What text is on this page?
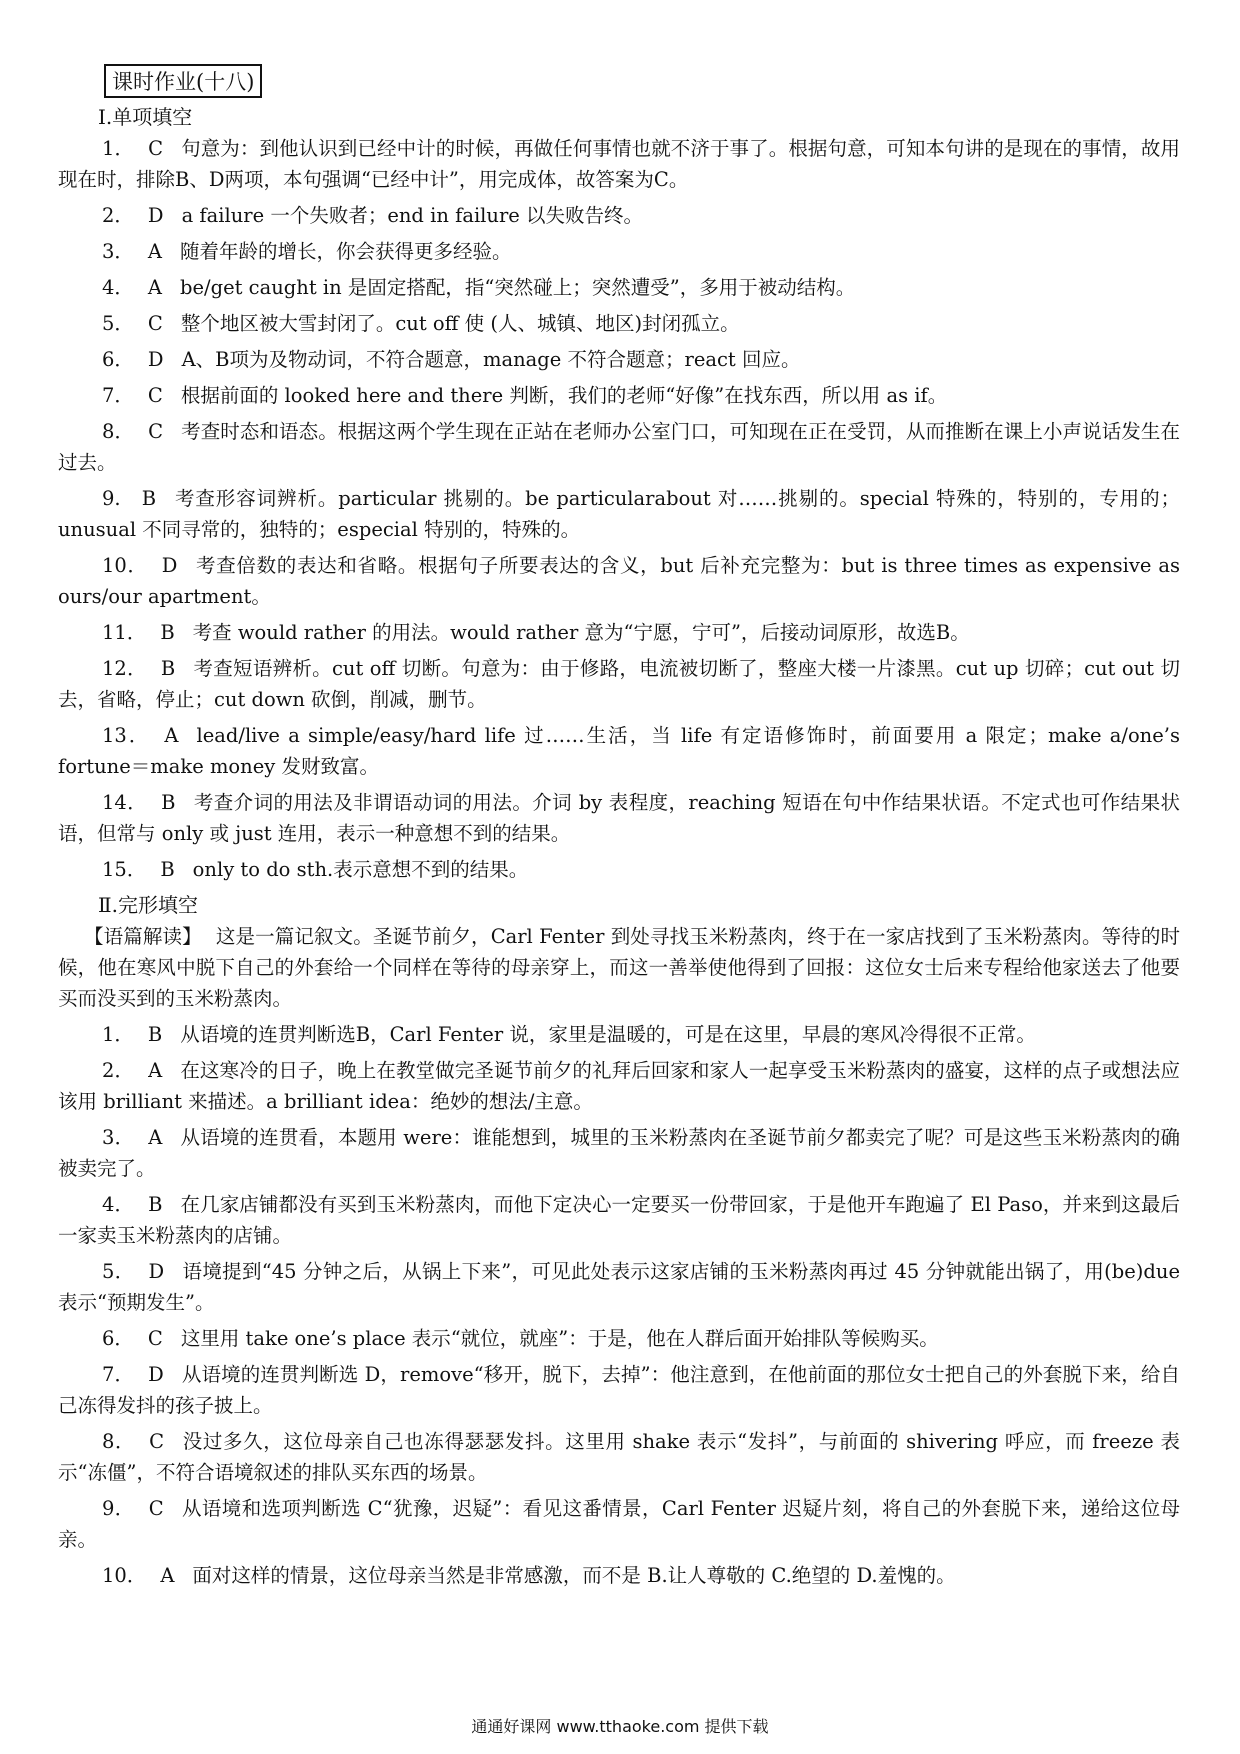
课时作业(十八)
Ⅰ.单项填空

1． C 句意为：到他认识到已经中计的时候，再做任何事情也就不济于事了。根据句意，可知本句讲的是现在的事情，故用现在时，排除B、D两项，本句强调“已经中计”，用完成体，故答案为C。

2． D a failure 一个失败者；end in failure 以失败告终。

3． A 随着年龄的增长，你会获得更多经验。

4． A be/get caught in 是固定搭配，指“突然碰上；突然遭受”，多用于被动结构。

5． C 整个地区被大雪封闭了。cut off 使 (人、城镇、地区)封闭孤立。

6． D A、B项为及物动词，不符合题意，manage 不符合题意；react 回应。

7． C 根据前面的 looked here and there 判断，我们的老师“好像”在找东西，所以用 as if。

8． C 考查时态和语态。根据这两个学生现在正站在老师办公室门口，可知现在正在受罚，从而推断在课上小声说话发生在过去。

9. B 考查形容词辨析。particular 挑剔的。be particularabout 对……挑剔的。special 特殊的，特别的，专用的；unusual 不同寻常的，独特的；especial 特别的，特殊的。

10． D 考查倍数的表达和省略。根据句子所要表达的含义，but 后补充完整为：but is three times as expensive as ours/our apartment。

11． B 考查 would rather 的用法。would rather 意为“宁愿，宁可”，后接动词原形，故选B。

12． B 考查短语辨析。cut off 切断。句意为：由于修路，电流被切断了，整座大楼一片漆黑。cut up 切碎；cut out 切去，省略，停止；cut down 砍倒，削减，删节。

13． A lead/live a simple/easy/hard life 过……生活，当 life 有定语修饰时，前面要用 a 限定；make a/one’s fortune＝make money 发财致富。

14． B 考查介词的用法及非谓语动词的用法。介词 by 表程度，reaching 短语在句中作结果状语。不定式也可作结果状语，但常与 only 或 just 连用，表示一种意想不到的结果。

15． B only to do sth.表示意想不到的结果。

Ⅱ.完形填空

【语篇解读】 这是一篇记叙文。圣诞节前夕，Carl Fenter 到处寻找玉米粉蒸肉，终于在一家店找到了玉米粉蒸肉。等待的时候，他在寒风中脱下自己的外套给一个同样在等待的母亲穿上，而这一善举使他得到了回报：这位女士后来专程给他家送去了他要买而没买到的玉米粉蒸肉。

1． B 从语境的连贯判断选B，Carl Fenter 说，家里是温暖的，可是在这里，早晨的寒风冷得很不正常。

2． A 在这寒冷的日子，晚上在教堂做完圣诞节前夕的礼拜后回家和家人一起享受玉米粉蒸肉的盛宴，这样的点子或想法应该用 brilliant 来描述。a brilliant idea：绝妙的想法/主意。

3． A 从语境的连贯看，本题用 were：谁能想到，城里的玉米粉蒸肉在圣诞节前夕都卖完了呢？可是这些玉米粉蒸肉的确被卖完了。

4． B 在几家店铺都没有买到玉米粉蒸肉，而他下定决心一定要买一份带回家，于是他开车跑遍了 El Paso，并来到这最后一家卖玉米粉蒸肉的店铺。

5． D 语境提到“45 分钟之后，从锅上下来”，可见此处表示这家店铺的玉米粉蒸肉再过 45 分钟就能出锅了，用(be)due 表示“预期发生”。

6． C 这里用 take one’s place 表示“就位，就座”：于是，他在人群后面开始排队等候购买。

7． D 从语境的连贯判断选 D，remove“移开，脱下，去掉”：他注意到，在他前面的那位女士把自己的外套脱下来，给自己冻得发抖的孩子披上。

8． C 没过多久，这位母亲自己也冻得瑟瑟发抖。这里用 shake 表示“发抖”，与前面的 shivering 呼应，而 freeze 表示“冻僵”，不符合语境叙述的排队买东西的场景。

9． C 从语境和选项判断选 C“犹豫，迟疑”：看见这番情景，Carl Fenter 迟疑片刻，将自己的外套脱下来，递给这位母亲。

10． A 面对这样的情景，这位母亲当然是非常感激，而不是 B.让人尊敬的 C.绝望的 D.羞愧的。

通通好课网 www.tthaoke.com 提供下载
